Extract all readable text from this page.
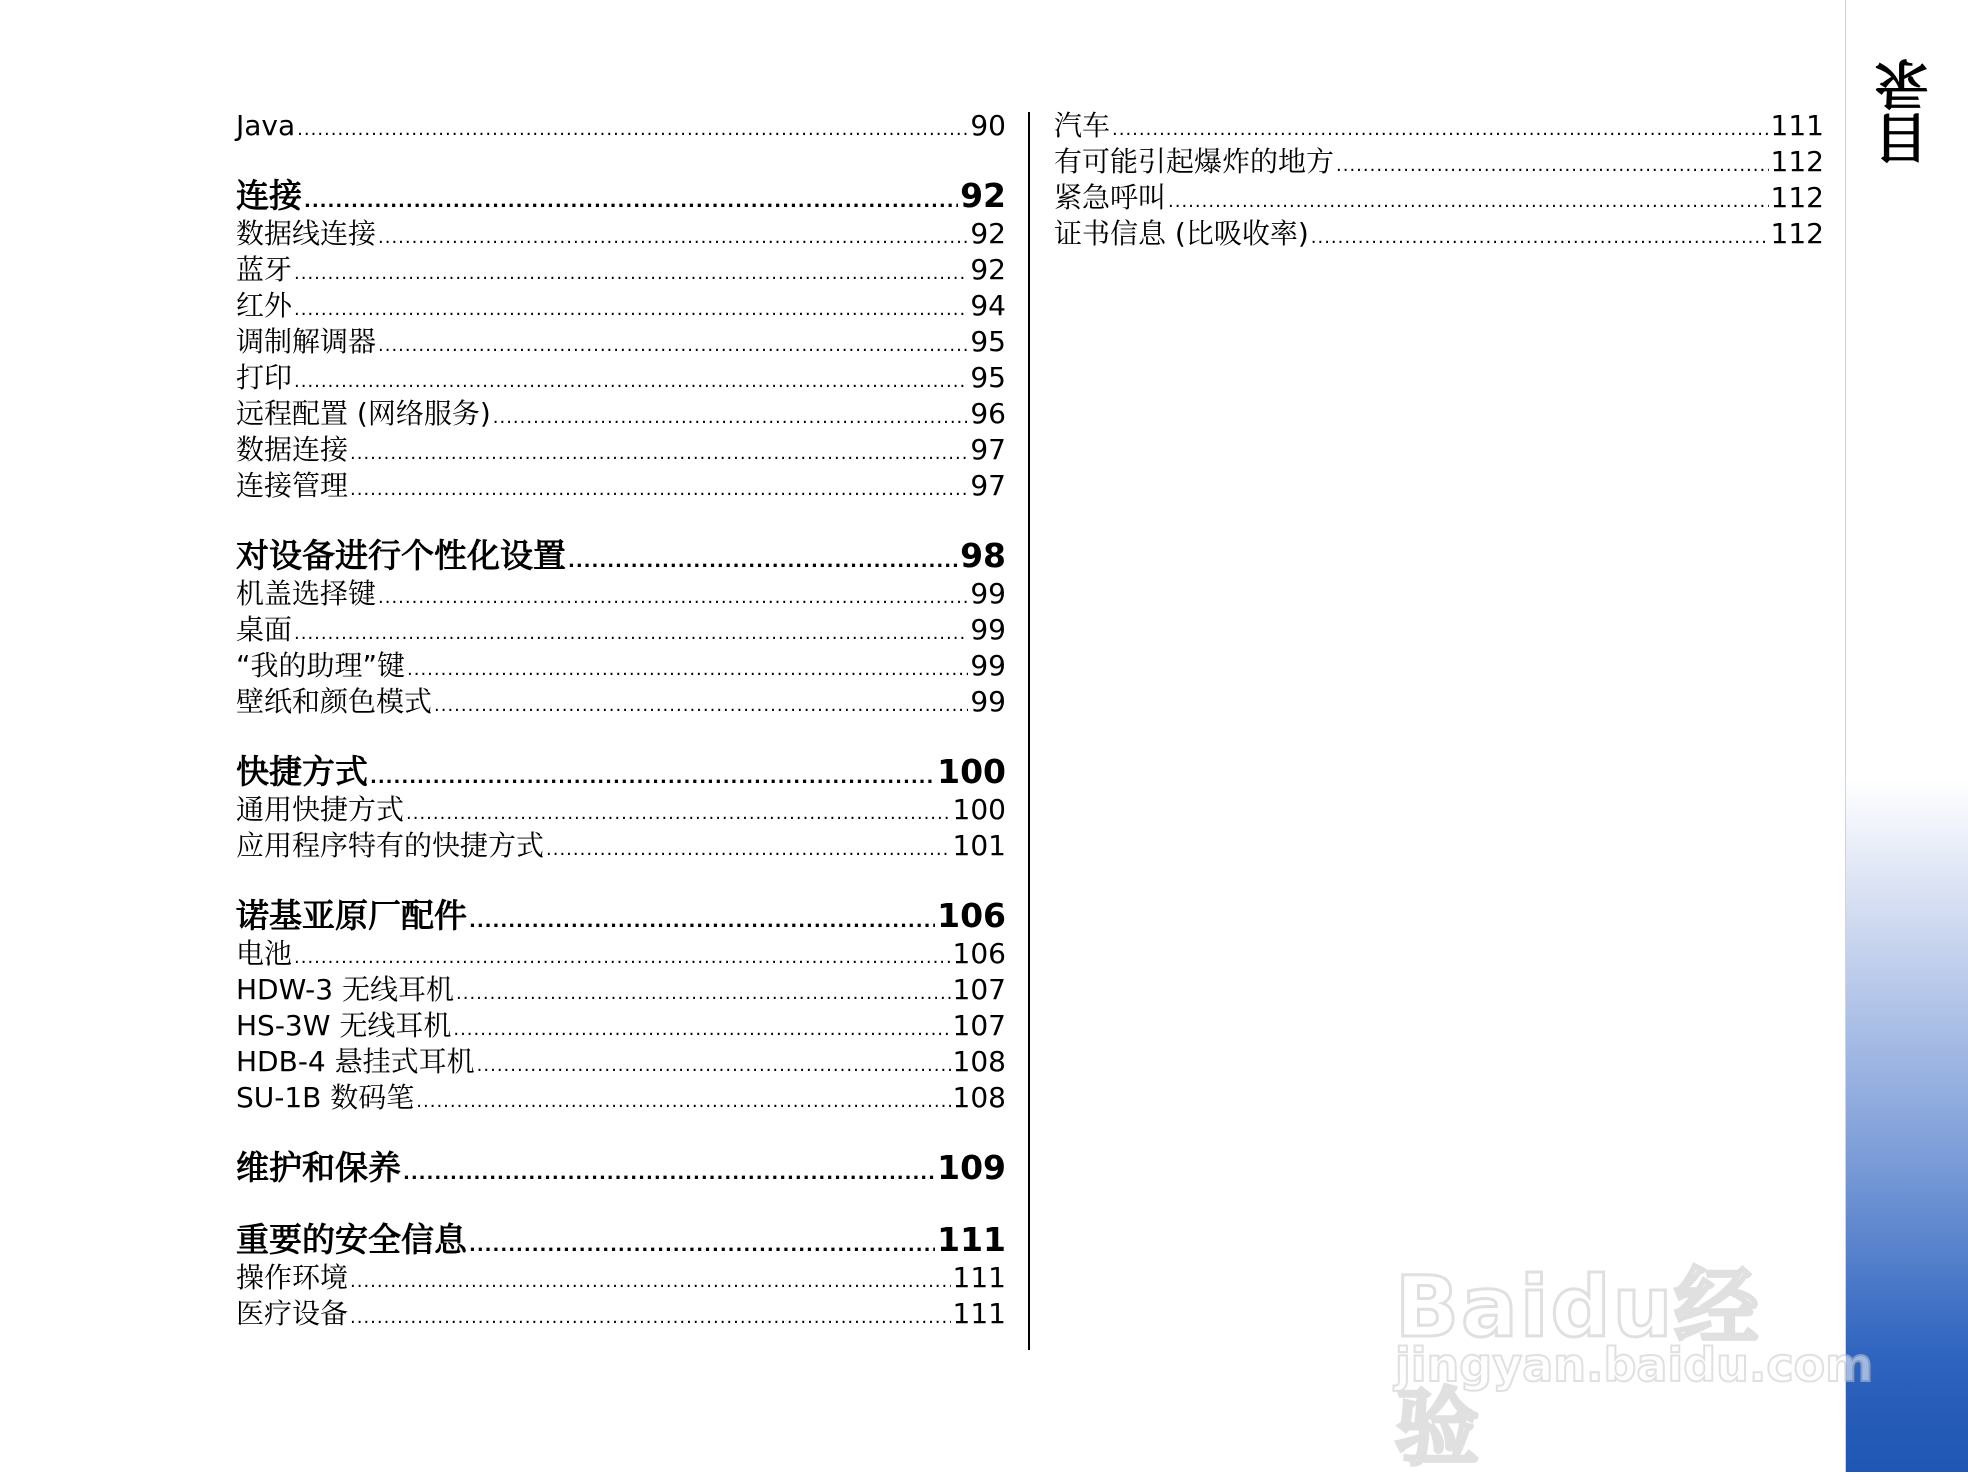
Java .....	90
连接 .....	92
数据线连接 .....	92
蓝牙 .....	92
红外 .....	94
调制解调器 .....	95
打印 .....	95
远程配置 (网络服务) .....	96
数据连接 .....	97
连接管理 .....	97
对设备进行个性化设置 .....	98
机盖选择键 .....	99
桌面 .....	99
“我的助理”键 .....	99
壁纸和颜色模式 .....	99
快捷方式 .....	100
通用快捷方式 .....	100
应用程序特有的快捷方式 .....	101
诺基亚原厂配件 .....	106
电池 .....	106
HDW-3 无线耳机 .....	107
HS-3W 无线耳机 .....	107
HDB-4 悬挂式耳机 .....	108
SU-1B 数码笔 .....	108
维护和保养 .....	109
重要的安全信息 .....	111
操作环境 .....	111
医疗设备 .....	111
汽车 .....	111
有可能引起爆炸的地方 .....	112
紧急呼叫 .....	112
证书信息 (比吸收率) .....	112
目录
Baidu经验
jingyan.baidu.com
